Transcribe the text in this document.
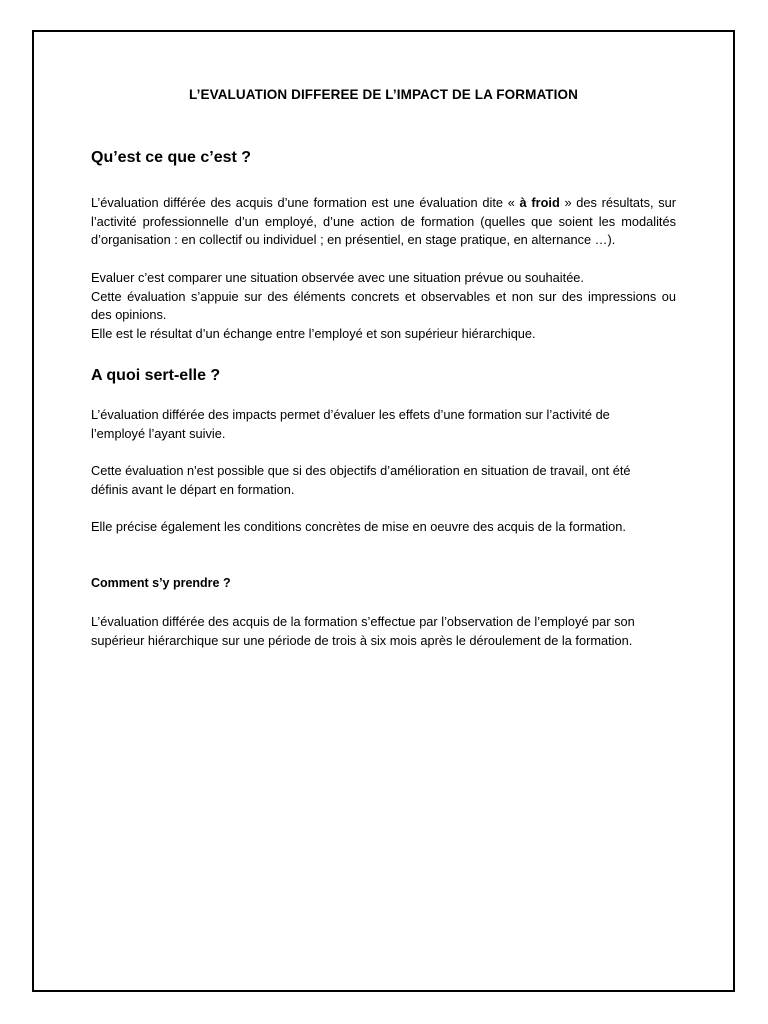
L’EVALUATION DIFFEREE DE L’IMPACT DE LA FORMATION
Qu’est ce que c’est ?

L’évaluation différée des acquis d’une formation est une évaluation dite « à froid » des résultats, sur
l’activité professionnelle d’un employé, d’une action de formation (quelles que soient les modalités
d’organisation : en collectif ou individuel ; en présentiel, en stage pratique, en alternance …).

Evaluer c’est comparer une situation observée avec une situation prévue ou souhaitée.
Cette évaluation s’appuie sur des éléments concrets et observables et non sur des impressions ou
des opinions.
Elle est le résultat d’un échange entre l’employé et son supérieur hiérarchique.

A quoi sert-elle ?

L’évaluation différée des impacts permet d’évaluer les effets d’une formation sur l’activité de
l’employé l’ayant suivie.

Cette évaluation n'est possible que si des objectifs d’amélioration en situation de travail, ont été
définis avant le départ en formation.

Elle précise également les conditions concrètes de mise en oeuvre des acquis de la formation.

Comment s’y prendre ?

L’évaluation différée des acquis de la formation s’effectue par l’observation de l’employé par son
supérieur hiérarchique sur une période de trois à six mois après le déroulement de la formation.
